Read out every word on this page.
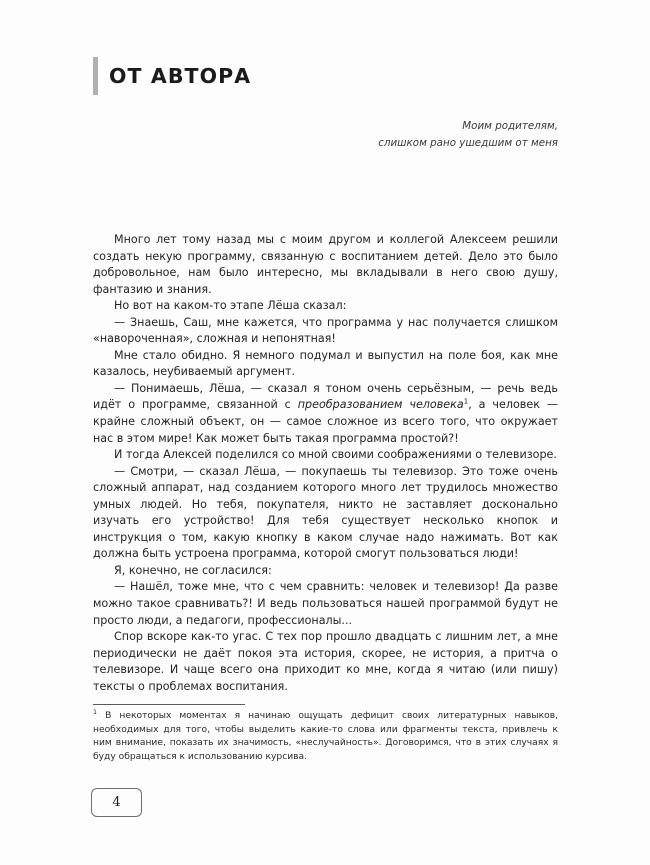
ОТ АВТОРА
Моим родителям,
слишком рано ушедшим от меня

Много лет тому назад мы с моим другом и коллегой Алексеем решили создать некую программу, связанную с воспитанием детей. Дело это было добровольное, нам было интересно, мы вкладывали в него свою душу, фантазию и знания.

Но вот на каком-то этапе Лёша сказал:

— Знаешь, Саш, мне кажется, что программа у нас получается слишком «навороченная», сложная и непонятная!

Мне стало обидно. Я немного подумал и выпустил на поле боя, как мне казалось, неубиваемый аргумент.

— Понимаешь, Лёша, — сказал я тоном очень серьёзным, — речь ведь идёт о программе, связанной с преобразованием человека$^1$, а человек — крайне сложный объект, он — самое сложное из всего того, что окружает нас в этом мире! Как может быть такая программа простой?!

И тогда Алексей поделился со мной своими соображениями о телевизоре.

— Смотри, — сказал Лёша, — покупаешь ты телевизор. Это тоже очень сложный аппарат, над созданием которого много лет трудилось множество умных людей. Но тебя, покупателя, никто не заставляет досконально изучать его устройство! Для тебя существует несколько кнопок и инструкция о том, какую кнопку в каком случае надо нажимать. Вот как должна быть устроена программа, которой смогут пользоваться люди!

Я, конечно, не согласился:

— Нашёл, тоже мне, что с чем сравнить: человек и телевизор! Да разве можно такое сравнивать?! И ведь пользоваться нашей программой будут не просто люди, а педагоги, профессионалы...

Спор вскоре как-то угас. С тех пор прошло двадцать с лишним лет, а мне периодически не даёт покоя эта история, скорее, не история, а притча о телевизоре. И чаще всего она приходит ко мне, когда я читаю (или пишу) тексты о проблемах воспитания.

$^1$ В некоторых моментах я начинаю ощущать дефицит своих литературных навыков, необходимых для того, чтобы выделить какие-то слова или фрагменты текста, привлечь к ним внимание, показать их значимость, «неслучайность». Договоримся, что в этих случаях я буду обращаться к использованию курсива.

4
